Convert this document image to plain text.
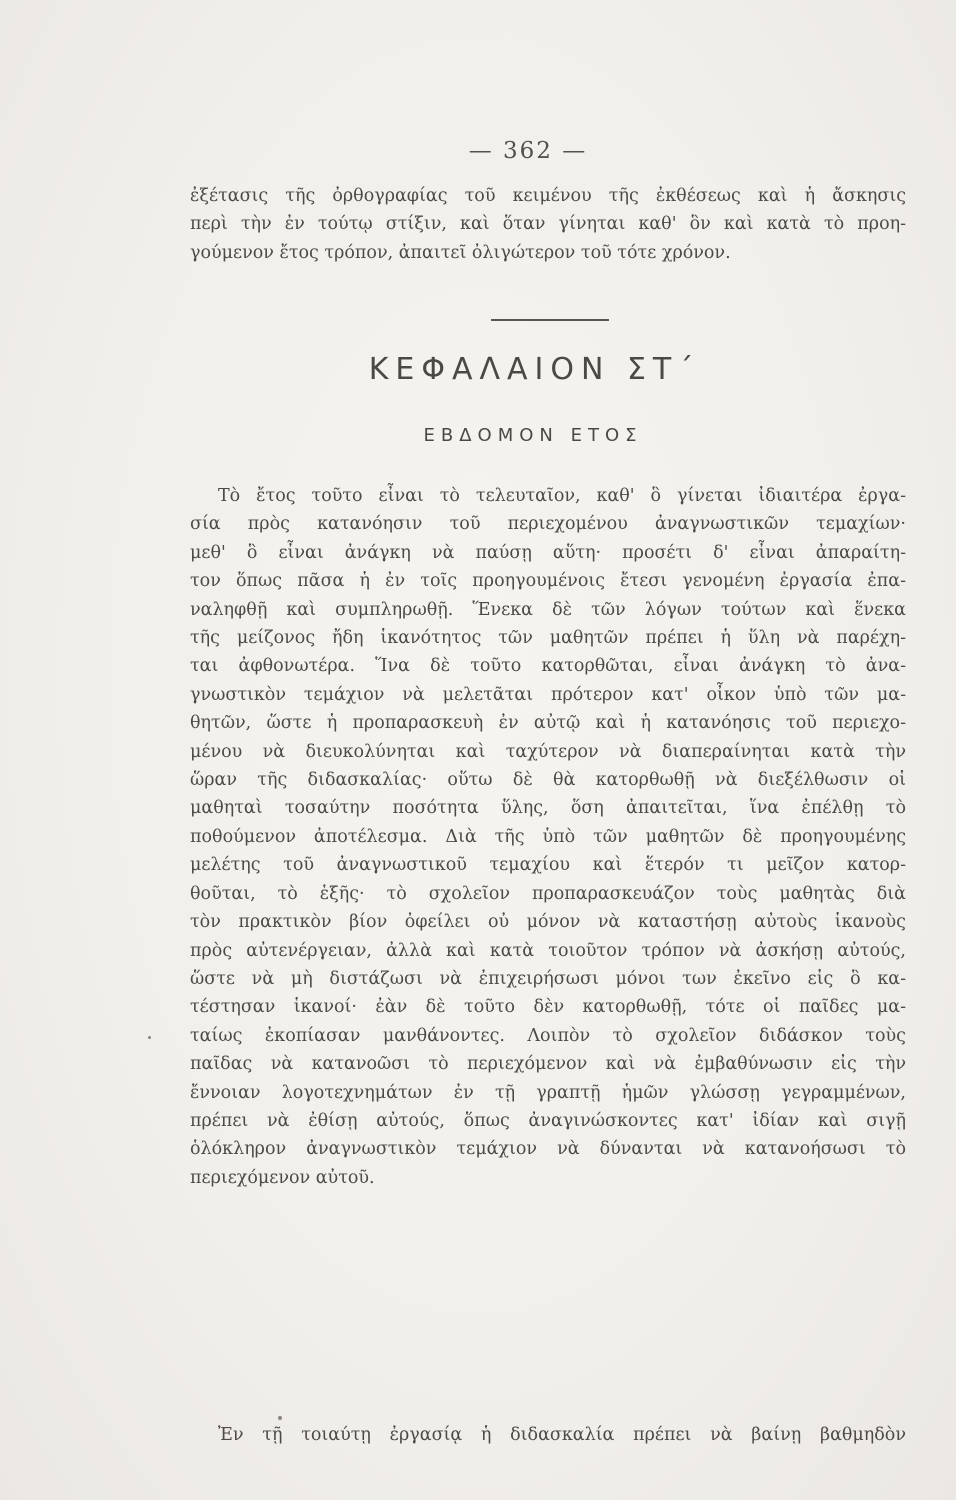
— 362 —
ἐξέτασις τῆς ὀρθογραφίας τοῦ κειμένου τῆς ἐκθέσεως καὶ ἡ ἄσκησις
περὶ τὴν ἐν τούτῳ στίξιν, καὶ ὅταν γίνηται καθ' ὃν καὶ κατὰ τὸ προη-
γούμενον ἔτος τρόπον, ἀπαιτεῖ ὀλιγώτερον τοῦ τότε χρόνον.
ΚΕΦΑΛΑΙΟΝ ΣΤ΄
ΕΒΔΟΜΟΝ ΕΤΟΣ
Τὸ ἔτος τοῦτο εἶναι τὸ τελευταῖον, καθ' ὃ γίνεται ἰδιαιτέρα ἐργα-
σία πρὸς κατανόησιν τοῦ περιεχομένου ἀναγνωστικῶν τεμαχίων·
μεθ' ὃ εἶναι ἀνάγκη νὰ παύσῃ αὕτη· προσέτι δ' εἶναι ἀπαραίτη-
τον ὅπως πᾶσα ἡ ἐν τοῖς προηγουμένοις ἔτεσι γενομένη ἐργασία ἐπα-
ναληφθῇ καὶ συμπληρωθῇ. Ἕνεκα δὲ τῶν λόγων τούτων καὶ ἕνεκα
τῆς μείζονος ἤδη ἱκανότητος τῶν μαθητῶν πρέπει ἡ ὕλη νὰ παρέχη-
ται ἀφθονωτέρα. Ἵνα δὲ τοῦτο κατορθῶται, εἶναι ἀνάγκη τὸ ἀνα-
γνωστικὸν τεμάχιον νὰ μελετᾶται πρότερον κατ' οἶκον ὑπὸ τῶν μα-
θητῶν, ὥστε ἡ προπαρασκευὴ ἐν αὐτῷ καὶ ἡ κατανόησις τοῦ περιεχο-
μένου νὰ διευκολύνηται καὶ ταχύτερον νὰ διαπεραίνηται κατὰ τὴν
ὥραν τῆς διδασκαλίας· οὕτω δὲ θὰ κατορθωθῇ νὰ διεξέλθωσιν οἱ
μαθηταὶ τοσαύτην ποσότητα ὕλης, ὅση ἀπαιτεῖται, ἵνα ἐπέλθῃ τὸ
ποθούμενον ἀποτέλεσμα. Διὰ τῆς ὑπὸ τῶν μαθητῶν δὲ προηγουμένης
μελέτης τοῦ ἀναγνωστικοῦ τεμαχίου καὶ ἕτερόν τι μεῖζον κατορ-
θοῦται, τὸ ἑξῆς· τὸ σχολεῖον προπαρασκευάζον τοὺς μαθητὰς διὰ
τὸν πρακτικὸν βίον ὀφείλει οὐ μόνον νὰ καταστήσῃ αὐτοὺς ἱκανοὺς
πρὸς αὐτενέργειαν, ἀλλὰ καὶ κατὰ τοιοῦτον τρόπον νὰ ἀσκήσῃ αὐτούς,
ὥστε νὰ μὴ διστάζωσι νὰ ἐπιχειρήσωσι μόνοι των ἐκεῖνο εἰς ὃ κα-
τέστησαν ἱκανοί· ἐὰν δὲ τοῦτο δὲν κατορθωθῇ, τότε οἱ παῖδες μα-
ταίως ἐκοπίασαν μανθάνοντες. Λοιπὸν τὸ σχολεῖον διδάσκον τοὺς
παῖδας νὰ κατανοῶσι τὸ περιεχόμενον καὶ νὰ ἐμβαθύνωσιν εἰς τὴν
ἔννοιαν λογοτεχνημάτων ἐν τῇ γραπτῇ ἡμῶν γλώσσῃ γεγραμμένων,
πρέπει νὰ ἐθίσῃ αὐτούς, ὅπως ἀναγινώσκοντες κατ' ἰδίαν καὶ σιγῇ
ὁλόκληρον ἀναγνωστικὸν τεμάχιον νὰ δύνανται νὰ κατανοήσωσι τὸ
περιεχόμενον αὐτοῦ.
Ἐν τῇ τοιαύτῃ ἐργασίᾳ ἡ διδασκαλία πρέπει νὰ βαίνῃ βαθμηδὸν
